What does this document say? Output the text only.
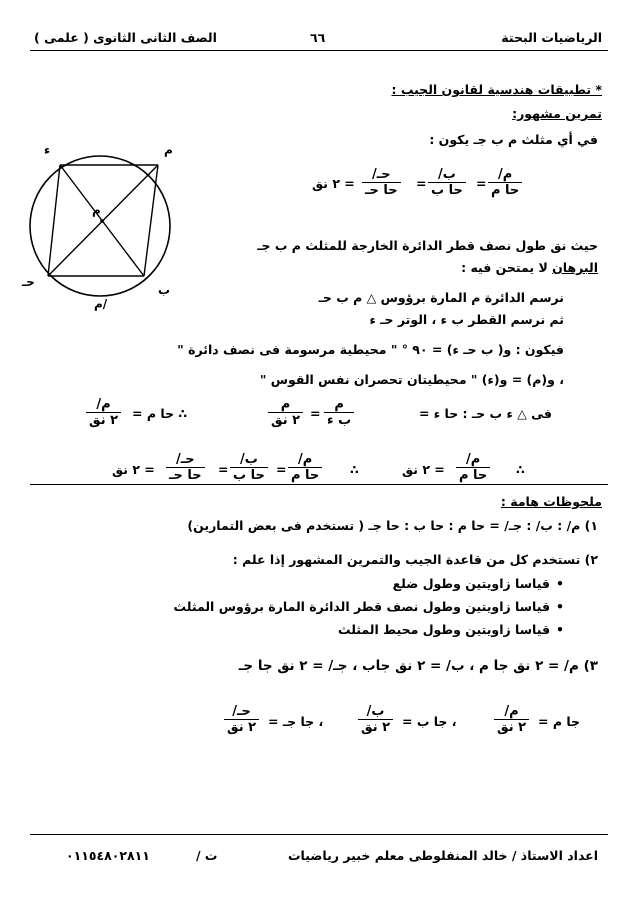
الرياضيات البحتة
٦٦
الصف الثانى الثانوى ( علمى )
* تطبيقات هندسية لقانون الجيب :
تمرين مشهور:
في أي مثلث ﻡ ب جـ يكون :
ﻡ/
حا ﻡ
=
ب/
حا ب
=
حـ/
حا حـ
= ٢ ﻧﻖ
حيث ﻧﻖ طول نصف قطر الدائرة الخارجة للمثلث ﻡ ب جـ
البرهان لا يمتحن فيه :
نرسم الدائرة م المارة برؤوس △ ﻡ ب حـ
ثم نرسم القطر ب ء ، الوتر حـ ء
فيكون : ﻭ( ب حـ ء) = ٩٠ ° " محيطية مرسومة فى نصف دائرة "
، ﻭ(ﻡ) = ﻭ(ء) " محيطيتان تحصران نفس القوس "
فى △ ء ب حـ : حا ء =
ﻡ
ب ء
=
ﻡ
٢ ﻧﻖ
∴ حا ﻡ =
ﻡ/
٢ ﻧﻖ
∴
ﻡ/
حا ﻡ
= ٢ ﻧﻖ
∴
ﻡ/
حا ﻡ
=
ب/
حا ب
=
حـ/
حا حـ
= ٢ ﻧﻖ
ﻡ
ء
ب
حـ
م
ﻡ/
ملحوظات هامة :
١) ﻡ/ : ب/ : جـ/ = حا ﻡ : حا ب : حا جـ ( تستخدم فى بعض التمارين)
٢) تستخدم كل من قاعدة الجيب والتمرين المشهور إذا علم :
• قياسا زاويتين وطول ضلع
• قياسا زاويتين وطول نصف قطر الدائرة المارة برؤوس المثلث
• قياسا زاويتين وطول محيط المثلث
٣) ﻡ/ = ٢ ﻧﻖ جا ﻡ ، ب/ = ٢ ﻧﻖ جاب ، جـ/ = ٢ ﻧﻖ جا جـ
جا ﻡ =
ﻡ/
٢ ﻧﻖ
، جا ب =
ب/
٢ ﻧﻖ
، جا جـ =
حـ/
٢ ﻧﻖ
اعداد الاستاذ / خالد المنفلوطى معلم خبير رياضيات
ت /
٠١١٥٤٨٠٢٨١١
